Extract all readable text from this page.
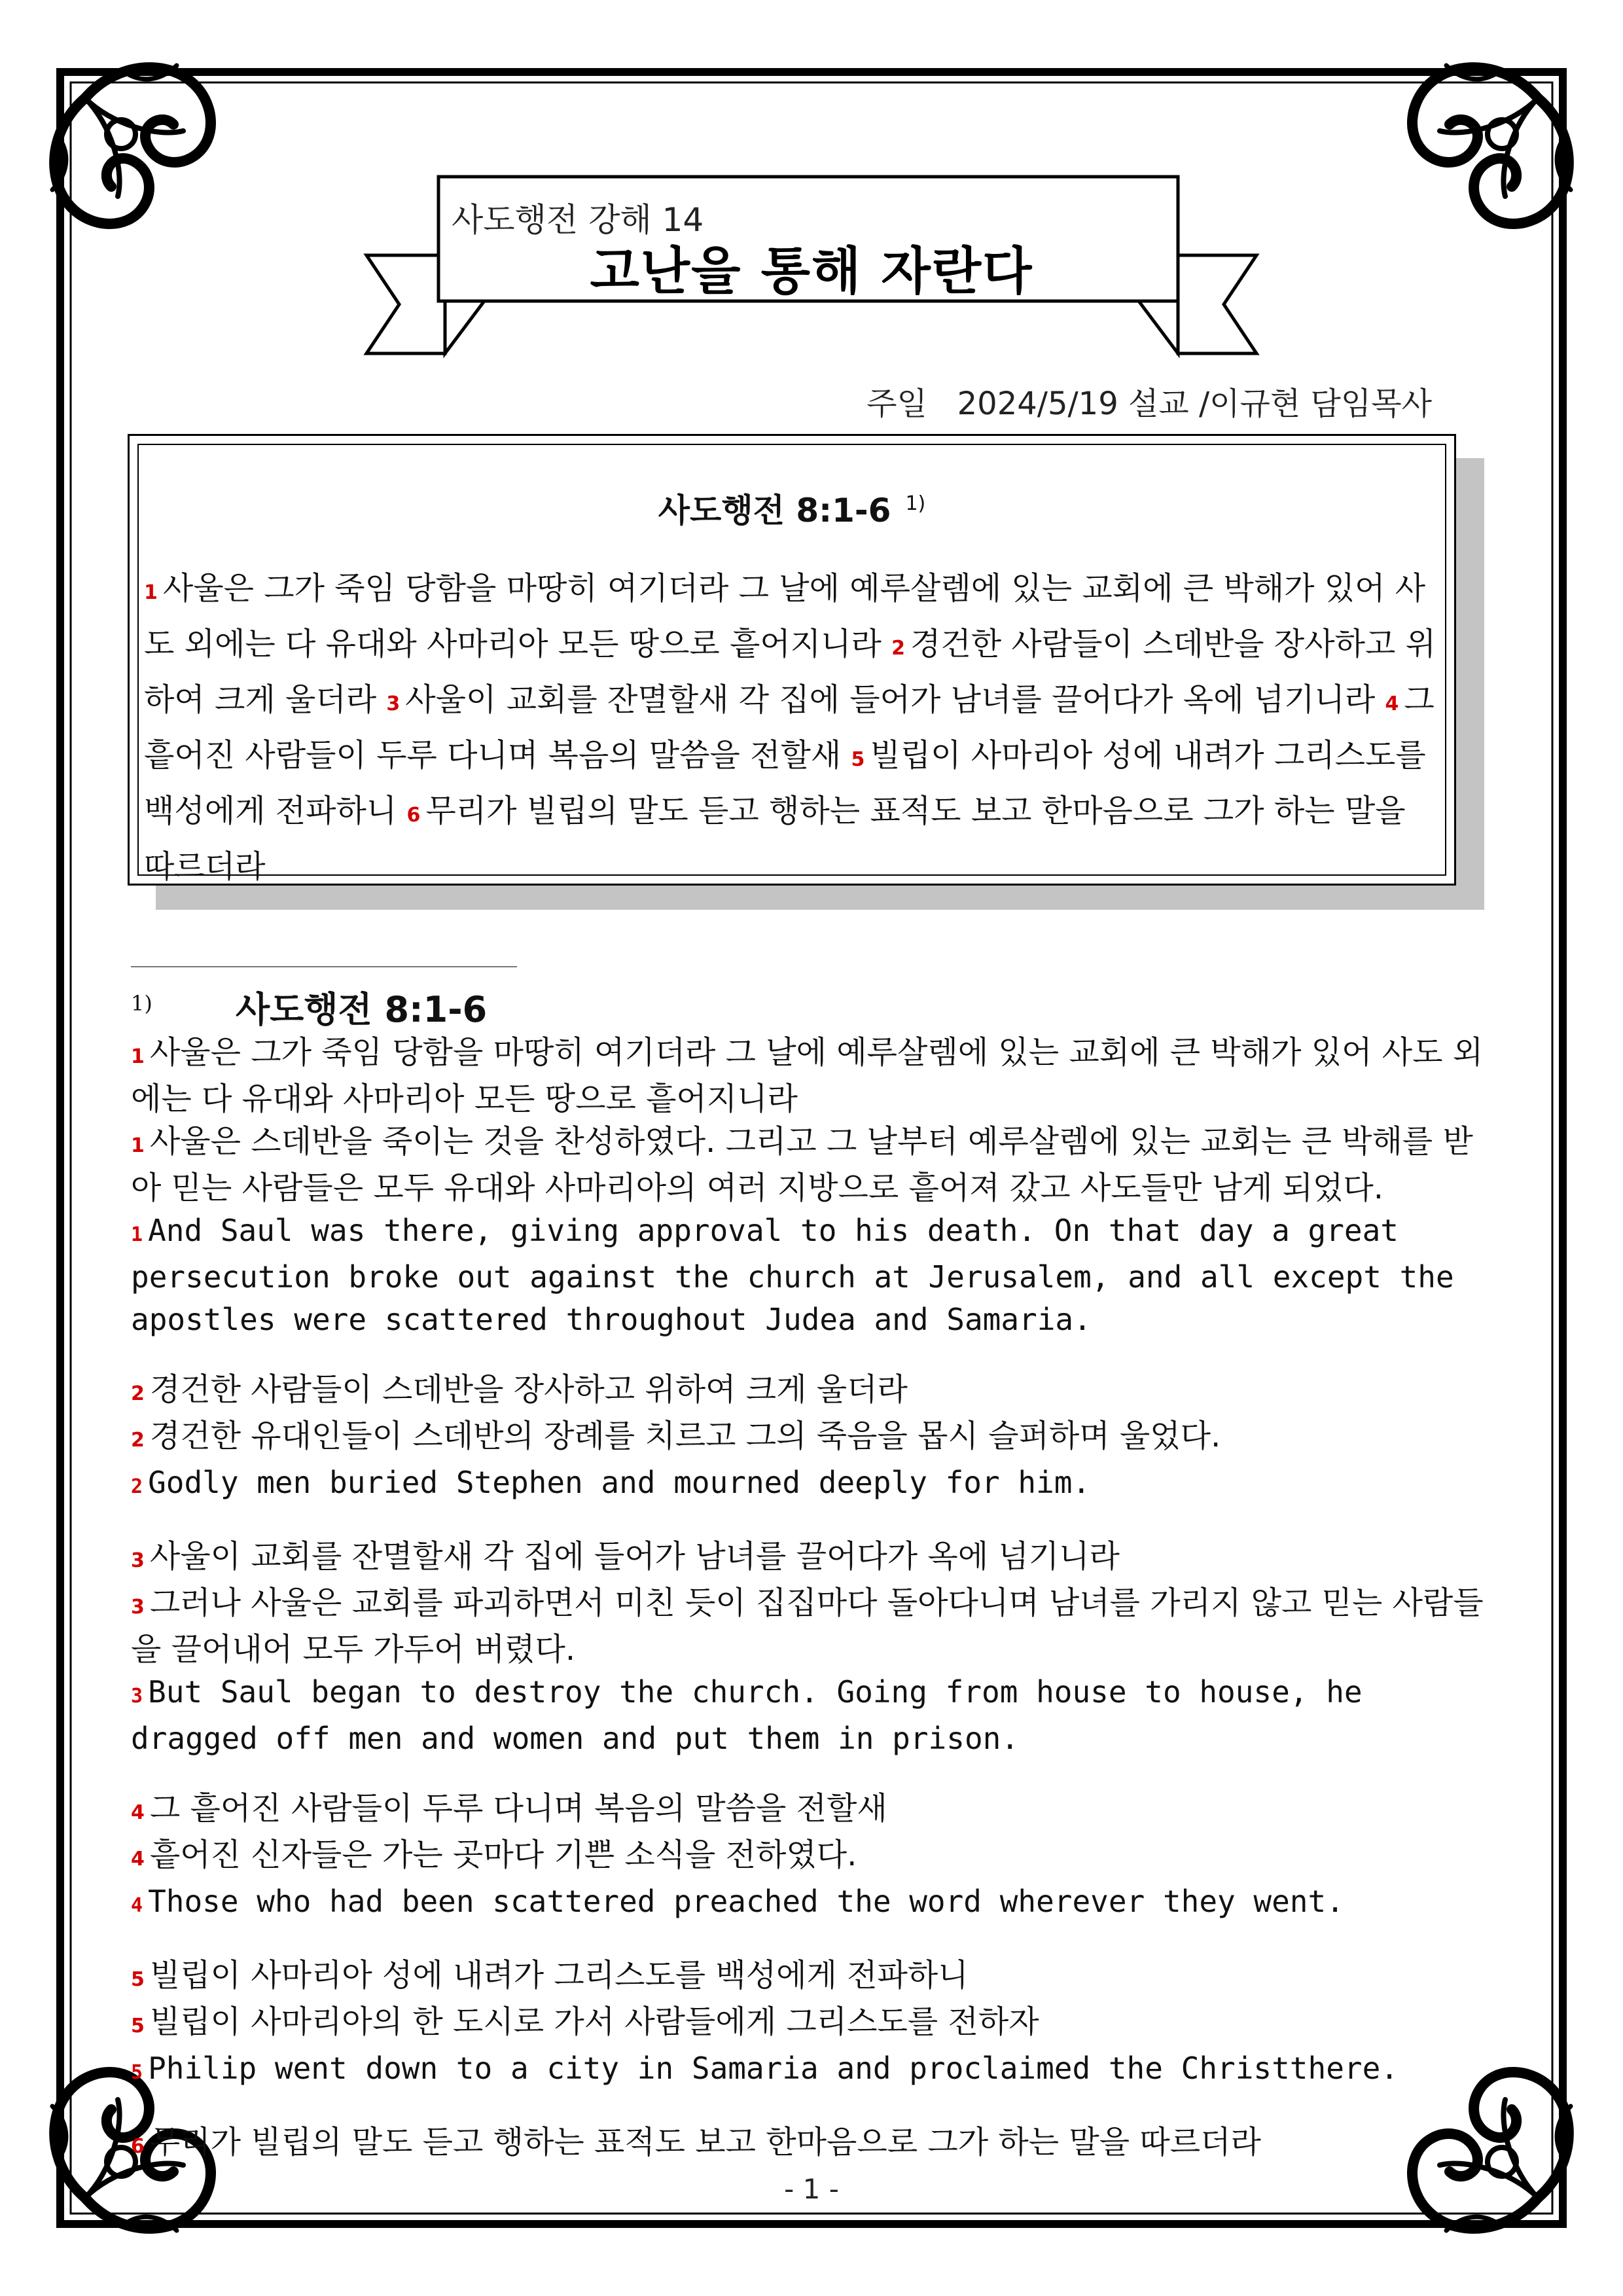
사도행전 강해 14
고난을 통해 자란다
주일   2024/5/19 설교 /이규현 담임목사
사도행전 8:1-6 $^{1)}$
1 사울은 그가 죽임 당함을 마땅히 여기더라 그 날에 예루살렘에 있는 교회에 큰 박해가 있어 사도 외에는 다 유대와 사마리아 모든 땅으로 흩어지니라 2 경건한 사람들이 스데반을 장사하고 위하여 크게 울더라 3 사울이 교회를 잔멸할새 각 집에 들어가 남녀를 끌어다가 옥에 넘기니라 4 그 흩어진 사람들이 두루 다니며 복음의 말씀을 전할새 5 빌립이 사마리아 성에 내려가 그리스도를 백성에게 전파하니 6 무리가 빌립의 말도 듣고 행하는 표적도 보고 한마음으로 그가 하는 말을 따르더라
1) 사도행전 8:1-6

1 사울은 그가 죽임 당함을 마땅히 여기더라 그 날에 예루살렘에 있는 교회에 큰 박해가 있어 사도 외에는 다 유대와 사마리아 모든 땅으로 흩어지니라

1 사울은 스데반을 죽이는 것을 찬성하였다. 그리고 그 날부터 예루살렘에 있는 교회는 큰 박해를 받아 믿는 사람들은 모두 유대와 사마리아의 여러 지방으로 흩어져 갔고 사도들만 남게 되었다.

1 And Saul was there, giving approval to his death. On that day a great persecution broke out against the church at Jerusalem, and all except the apostles were scattered throughout Judea and Samaria.

2 경건한 사람들이 스데반을 장사하고 위하여 크게 울더라

2 경건한 유대인들이 스데반의 장례를 치르고 그의 죽음을 몹시 슬퍼하며 울었다.

2 Godly men buried Stephen and mourned deeply for him.

3 사울이 교회를 잔멸할새 각 집에 들어가 남녀를 끌어다가 옥에 넘기니라

3 그러나 사울은 교회를 파괴하면서 미친 듯이 집집마다 돌아다니며 남녀를 가리지 않고 믿는 사람들을 끌어내어 모두 가두어 버렸다.

3 But Saul began to destroy the church. Going from house to house, he dragged off men and women and put them in prison.

4 그 흩어진 사람들이 두루 다니며 복음의 말씀을 전할새

4 흩어진 신자들은 가는 곳마다 기쁜 소식을 전하였다.

4 Those who had been scattered preached the word wherever they went.

5 빌립이 사마리아 성에 내려가 그리스도를 백성에게 전파하니

5 빌립이 사마리아의 한 도시로 가서 사람들에게 그리스도를 전하자

5 Philip went down to a city in Samaria and proclaimed the Christthere.

6 무리가 빌립의 말도 듣고 행하는 표적도 보고 한마음으로 그가 하는 말을 따르더라

- 1 -
